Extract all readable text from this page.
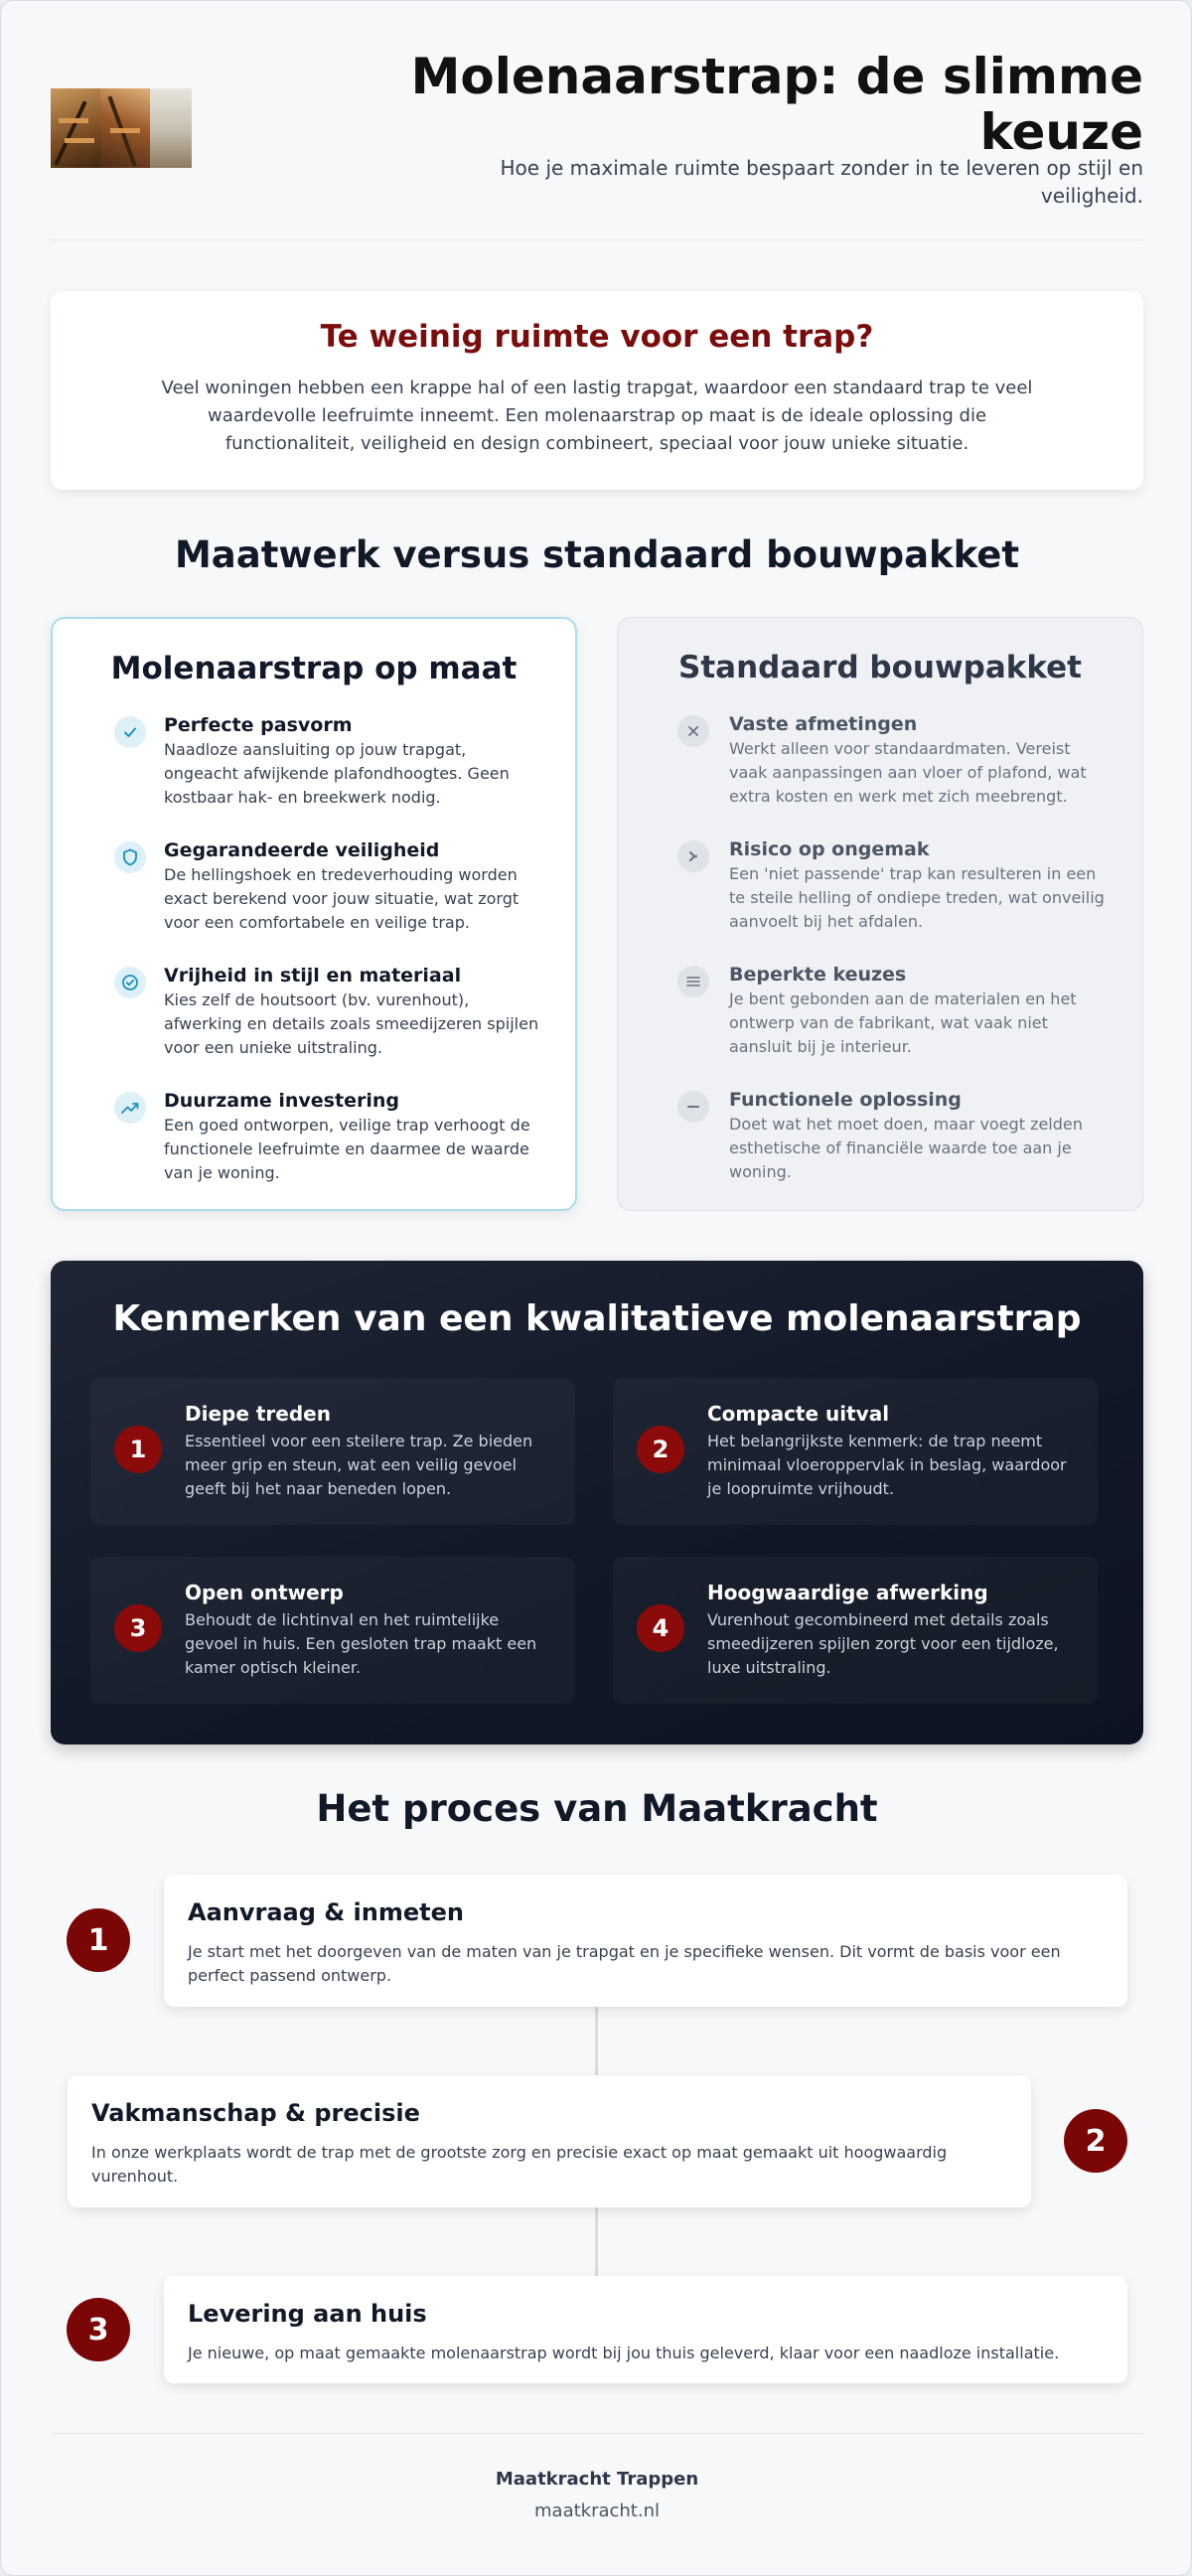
Molenaarstrap: de slimme keuze

Hoe je maximale ruimte bespaart zonder in te leveren op stijl en veiligheid.

Te weinig ruimte voor een trap?

Veel woningen hebben een krappe hal of een lastig trapgat, waardoor een standaard trap te veel waardevolle leefruimte inneemt. Een molenaarstrap op maat is de ideale oplossing die functionaliteit, veiligheid en design combineert, speciaal voor jouw unieke situatie.

Maatwerk versus standaard bouwpakket
Molenaarstrap op maat
Perfecte pasvorm

Naadloze aansluiting op jouw trapgat, ongeacht afwijkende plafondhoogtes. Geen kostbaar hak- en breekwerk nodig.

Gegarandeerde veiligheid

De hellingshoek en tredeverhouding worden exact berekend voor jouw situatie, wat zorgt voor een comfortabele en veilige trap.

Vrijheid in stijl en materiaal

Kies zelf de houtsoort (bv. vurenhout), afwerking en details zoals smeedijzeren spijlen voor een unieke uitstraling.

Duurzame investering

Een goed ontworpen, veilige trap verhoogt de functionele leefruimte en daarmee de waarde van je woning.

Standaard bouwpakket
Vaste afmetingen

Werkt alleen voor standaardmaten. Vereist vaak aanpassingen aan vloer of plafond, wat extra kosten en werk met zich meebrengt.

Risico op ongemak

Een 'niet passende' trap kan resulteren in een te steile helling of ondiepe treden, wat onveilig aanvoelt bij het afdalen.

Beperkte keuzes

Je bent gebonden aan de materialen en het ontwerp van de fabrikant, wat vaak niet aansluit bij je interieur.

Functionele oplossing

Doet wat het moet doen, maar voegt zelden esthetische of financiële waarde toe aan je woning.

Kenmerken van een kwalitatieve molenaarstrap
1
Diepe treden

Essentieel voor een steilere trap. Ze bieden meer grip en steun, wat een veilig gevoel geeft bij het naar beneden lopen.

2
Compacte uitval

Het belangrijkste kenmerk: de trap neemt minimaal vloeroppervlak in beslag, waardoor je loopruimte vrijhoudt.

3
Open ontwerp

Behoudt de lichtinval en het ruimtelijke gevoel in huis. Een gesloten trap maakt een kamer optisch kleiner.

4
Hoogwaardige afwerking

Vurenhout gecombineerd met details zoals smeedijzeren spijlen zorgt voor een tijdloze, luxe uitstraling.

Het proces van Maatkracht
1
Aanvraag & inmeten

Je start met het doorgeven van de maten van je trapgat en je specifieke wensen. Dit vormt de basis voor een perfect passend ontwerp.

Vakmanschap & precisie

In onze werkplaats wordt de trap met de grootste zorg en precisie exact op maat gemaakt uit hoogwaardig vurenhout.

2
3	Levering aan huis

Je nieuwe, op maat gemaakte molenaarstrap wordt bij jou thuis geleverd, klaar voor een naadloze installatie.

Maatkracht Trappen
maatkracht.nl
